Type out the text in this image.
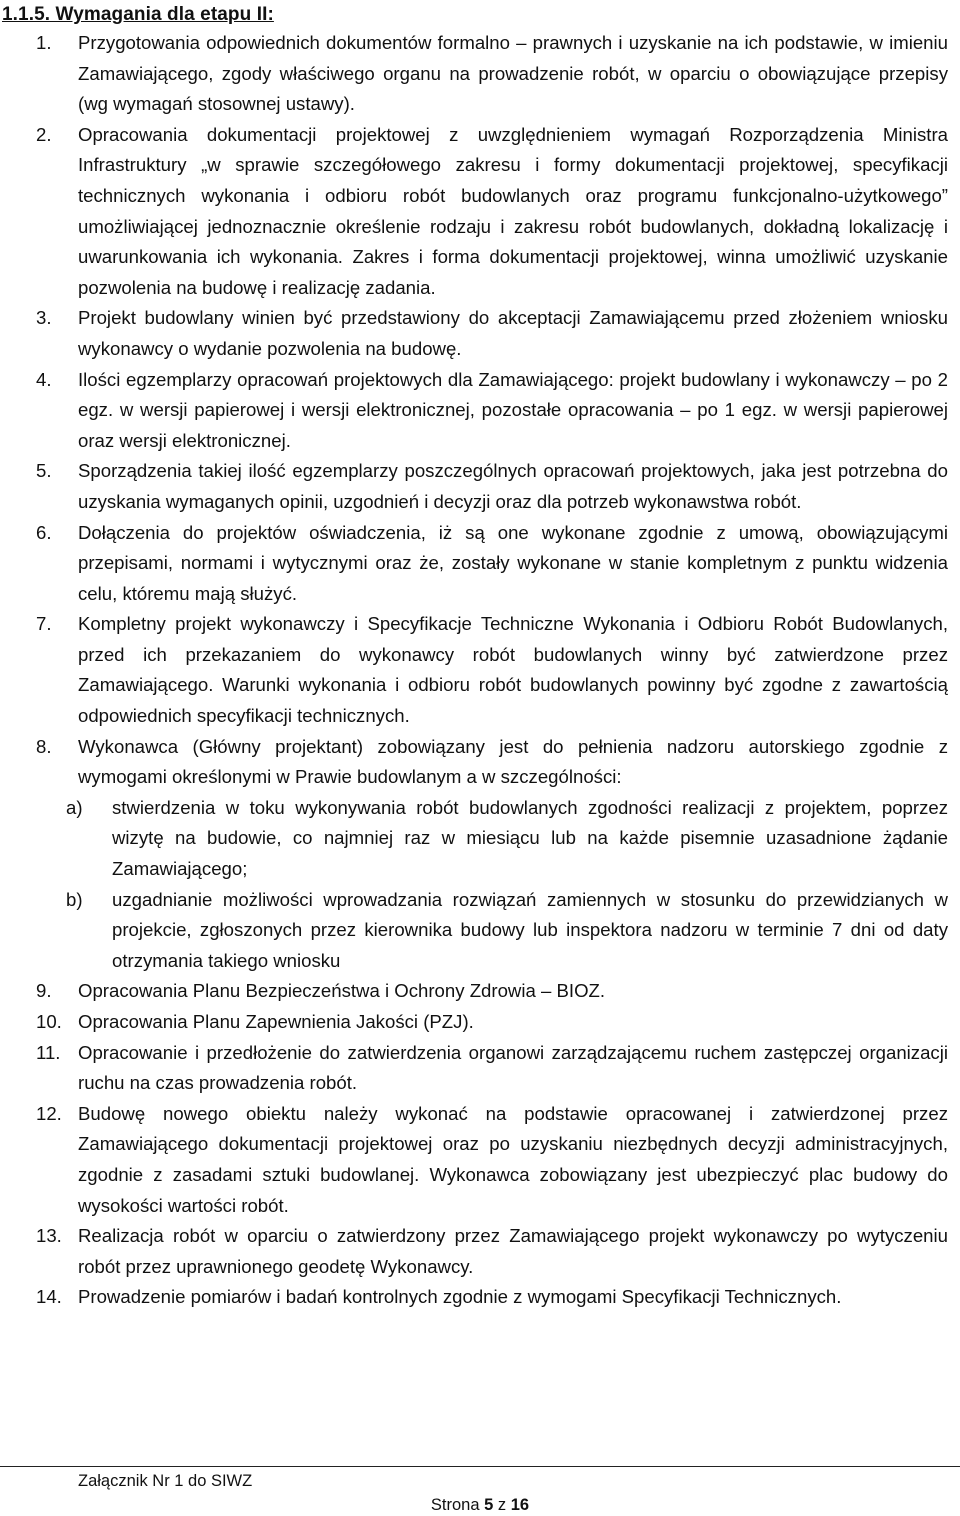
1.1.5. Wymagania dla etapu II:
1.	Przygotowania odpowiednich dokumentów formalno – prawnych i uzyskanie na ich podstawie, w imieniu Zamawiającego, zgody właściwego organu na prowadzenie robót, w oparciu o obowiązujące przepisy (wg wymagań stosownej ustawy).
2.	Opracowania dokumentacji projektowej z uwzględnieniem wymagań Rozporządzenia Ministra Infrastruktury „w sprawie szczegółowego zakresu i formy dokumentacji projektowej, specyfikacji technicznych wykonania i odbioru robót budowlanych oraz programu funkcjonalno-użytkowego” umożliwiającej jednoznacznie określenie rodzaju i zakresu robót budowlanych, dokładną lokalizację i uwarunkowania ich wykonania. Zakres i forma dokumentacji projektowej, winna umożliwić uzyskanie pozwolenia na budowę i realizację zadania.
3.	Projekt budowlany winien być przedstawiony do akceptacji Zamawiającemu przed złożeniem wniosku wykonawcy o wydanie pozwolenia na budowę.
4.	Ilości egzemplarzy opracowań projektowych dla Zamawiającego: projekt budowlany i wykonawczy – po 2 egz. w wersji papierowej i wersji elektronicznej, pozostałe opracowania – po 1 egz. w wersji papierowej oraz wersji elektronicznej.
5.	Sporządzenia takiej ilość egzemplarzy poszczególnych opracowań projektowych, jaka jest potrzebna do uzyskania wymaganych opinii, uzgodnień i decyzji oraz dla potrzeb wykonawstwa robót.
6.	Dołączenia do projektów oświadczenia, iż są one wykonane zgodnie z umową, obowiązującymi przepisami, normami i wytycznymi oraz że, zostały wykonane w stanie kompletnym z punktu widzenia celu, któremu mają służyć.
7.	Kompletny projekt wykonawczy i Specyfikacje Techniczne Wykonania i Odbioru Robót Budowlanych, przed ich przekazaniem do wykonawcy robót budowlanych winny być zatwierdzone przez Zamawiającego. Warunki wykonania i odbioru robót budowlanych powinny być zgodne z zawartością odpowiednich specyfikacji technicznych.
8.	Wykonawca (Główny projektant) zobowiązany jest do pełnienia nadzoru autorskiego zgodnie z wymogami określonymi w Prawie budowlanym a w szczególności:
a)	stwierdzenia w toku wykonywania robót budowlanych zgodności realizacji z projektem, poprzez wizytę na budowie, co najmniej raz w miesiącu lub na każde pisemnie uzasadnione żądanie Zamawiającego;
b)	uzgadnianie możliwości wprowadzania rozwiązań zamiennych w stosunku do przewidzianych w projekcie, zgłoszonych przez kierownika budowy lub inspektora nadzoru w terminie 7 dni od daty otrzymania takiego wniosku
9.	Opracowania Planu Bezpieczeństwa i Ochrony Zdrowia – BIOZ.
10. Opracowania Planu Zapewnienia Jakości (PZJ).
11. Opracowanie i przedłożenie do zatwierdzenia organowi zarządzającemu ruchem zastępczej organizacji ruchu na czas prowadzenia robót.
12. Budowę nowego obiektu należy wykonać na podstawie opracowanej i zatwierdzonej przez Zamawiającego dokumentacji projektowej oraz po uzyskaniu niezbędnych decyzji administracyjnych, zgodnie z zasadami sztuki budowlanej. Wykonawca zobowiązany jest ubezpieczyć plac budowy do wysokości wartości robót.
13. Realizacja robót w oparciu o zatwierdzony przez Zamawiającego projekt wykonawczy po wytyczeniu robót przez uprawnionego geodetę Wykonawcy.
14. Prowadzenie pomiarów i badań kontrolnych zgodnie z wymogami Specyfikacji Technicznych.
Załącznik Nr 1 do SIWZ
Strona 5 z 16
